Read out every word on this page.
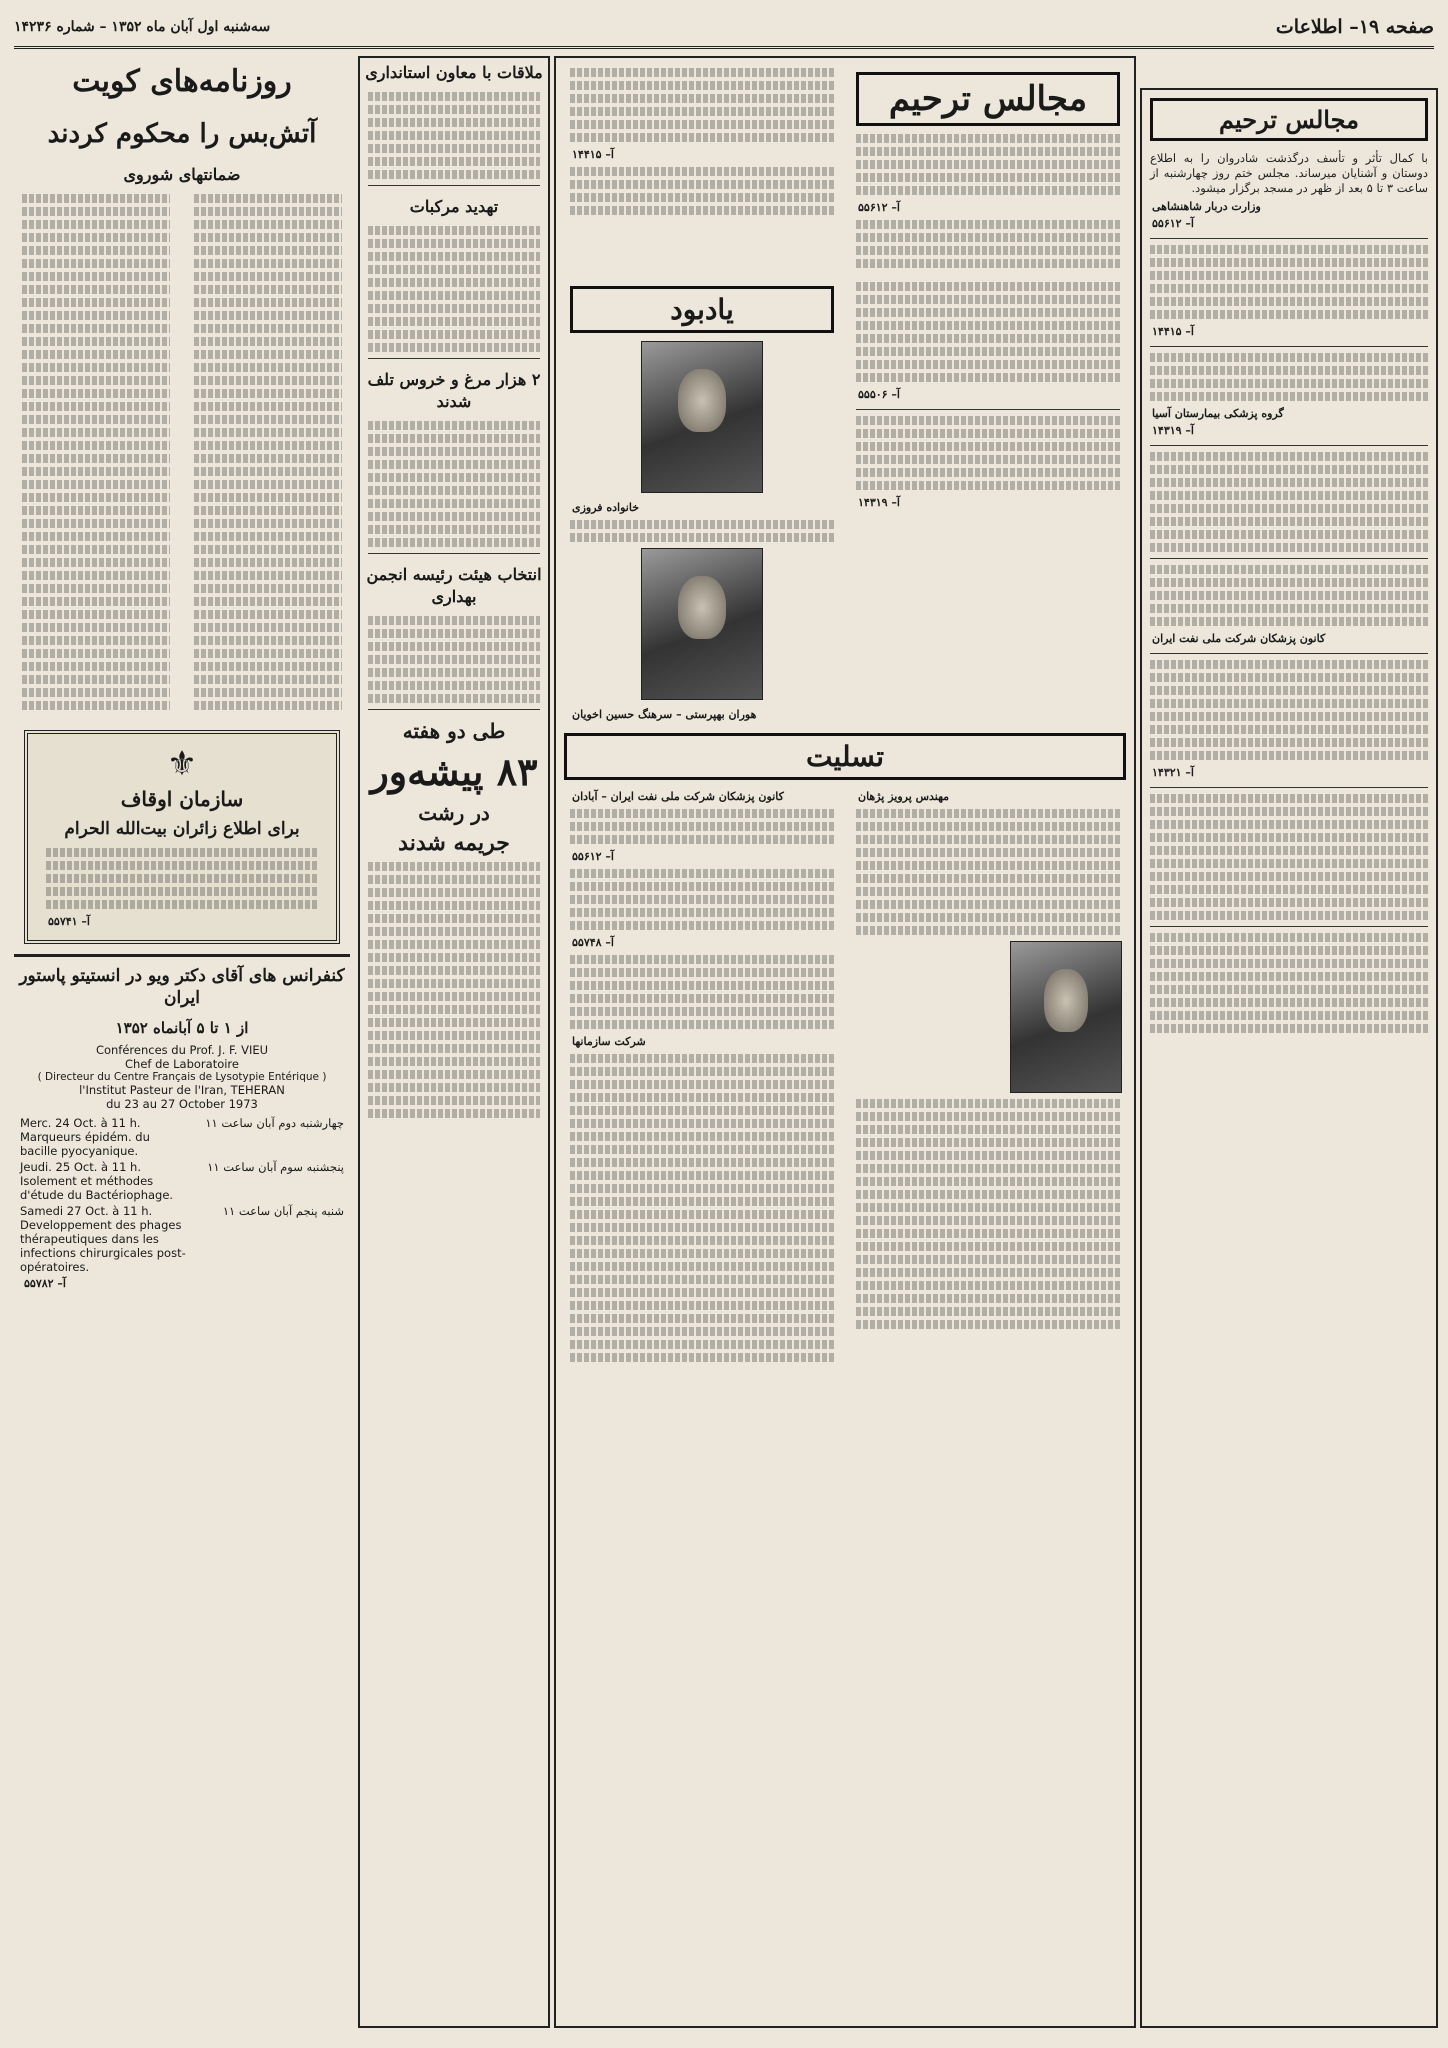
صفحه ۱۹– اطلاعات
سه‌شنبه اول آبان ماه ۱۳۵۲ – شماره ۱۴۲۳۶
مجالس ترحیم
با کمال تأثر و تأسف درگذشت شادروان را به اطلاع دوستان و آشنایان میرساند. مجلس ختم روز چهارشنبه از ساعت ۳ تا ۵ بعد از ظهر در مسجد برگزار میشود.
وزارت دربار شاهنشاهی
آ– ۵۵۶۱۲
آ– ۱۴۴۱۵
گروه پزشکی بیمارستان آسیا
آ– ۱۴۳۱۹
کانون پزشکان شرکت ملی نفت ایران
آ– ۱۴۳۲۱
مجالس ترحیم
آ– ۵۵۶۱۲
آ– ۱۴۴۱۵
آ– ۵۵۵۰۶
آ– ۱۴۳۱۹
یادبود
خانواده فروزی
هوران بهپرستی – سرهنگ حسین اخویان
تسلیت
مهندس پرویز پژهان
کانون پزشکان شرکت ملی نفت ایران – آبادان
آ– ۵۵۶۱۲
آ– ۵۵۷۴۸
شرکت سازمانها
ملاقات با معاون استانداری
تهدید مرکبات
۲ هزار مرغ و خروس تلف شدند
انتخاب هیئت رئیسه انجمن بهداری
طی دو هفته
۸۳ پیشه‌ور
در رشت
جریمه شدند
روزنامه‌های کویت
آتش‌بس را محکوم کردند
ضمانتهای شوروی
⚜
سازمان اوقاف
برای اطلاع زائران بیت‌الله الحرام
آ– ۵۵۷۴۱
کنفرانس های آقای دکتر ویو در انستیتو پاستور ایران
از ۱ تا ۵ آبانماه ۱۳۵۲
Conférences du Prof. J. F. VIEU
Chef de Laboratoire
( Directeur du Centre Français de Lysotypie Entérique )
l'Institut Pasteur de l'Iran, TEHERAN
du 23 au 27 October 1973
چهارشنبه دوم آبان ساعت ۱۱
Merc. 24 Oct. à 11 h.
Marqueurs épidém. du bacille pyocyanique.
پنجشنبه سوم آبان ساعت ۱۱
Jeudi. 25 Oct. à 11 h.
Isolement et méthodes d'étude du Bactériophage.
شنبه پنجم آبان ساعت ۱۱
Samedi 27 Oct. à 11 h.
Developpement des phages thérapeutiques dans les infections chirurgicales post-opératoires.
آ– ۵۵۷۸۲
